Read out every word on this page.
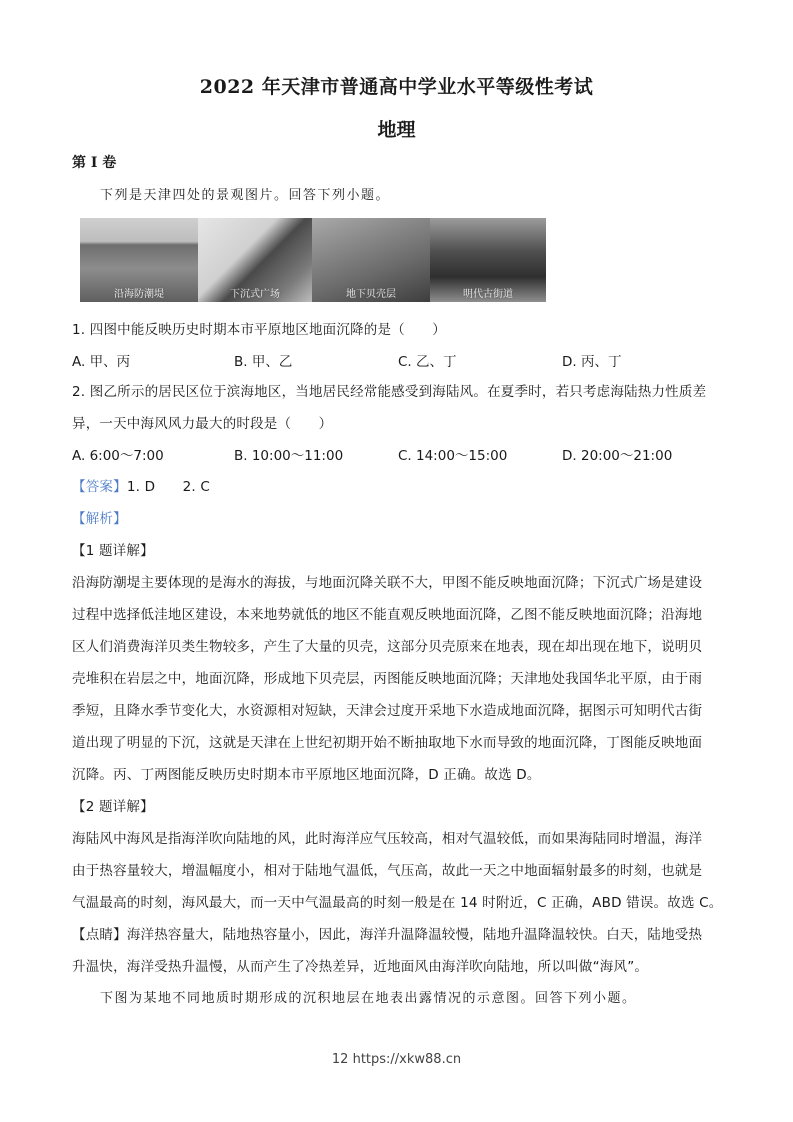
2022 年天津市普通高中学业水平等级性考试
地理
第 I 卷
下列是天津四处的景观图片。回答下列小题。
沿海防潮堤	下沉式广场	地下贝壳层	明代古街道
1. 四图中能反映历史时期本市平原地区地面沉降的是（　　）
A. 甲、丙	B. 甲、乙	C. 乙、丁	D. 丙、丁
2. 图乙所示的居民区位于滨海地区，当地居民经常能感受到海陆风。在夏季时，若只考虑海陆热力性质差
异，一天中海风风力最大的时段是（　　）
A. 6:00～7:00	B. 10:00～11:00	C. 14:00～15:00	D. 20:00～21:00
【答案】1. D　　2. C
【解析】
【1 题详解】
沿海防潮堤主要体现的是海水的海拔，与地面沉降关联不大，甲图不能反映地面沉降；下沉式广场是建设
过程中选择低洼地区建设，本来地势就低的地区不能直观反映地面沉降，乙图不能反映地面沉降；沿海地
区人们消费海洋贝类生物较多，产生了大量的贝壳，这部分贝壳原来在地表，现在却出现在地下，说明贝
壳堆积在岩层之中，地面沉降，形成地下贝壳层，丙图能反映地面沉降；天津地处我国华北平原，由于雨
季短，且降水季节变化大，水资源相对短缺，天津会过度开采地下水造成地面沉降，据图示可知明代古街
道出现了明显的下沉，这就是天津在上世纪初期开始不断抽取地下水而导致的地面沉降，丁图能反映地面
沉降。丙、丁两图能反映历史时期本市平原地区地面沉降，D 正确。故选 D。
【2 题详解】
海陆风中海风是指海洋吹向陆地的风，此时海洋应气压较高，相对气温较低，而如果海陆同时增温，海洋
由于热容量较大，增温幅度小，相对于陆地气温低，气压高，故此一天之中地面辐射最多的时刻，也就是
气温最高的时刻，海风最大，而一天中气温最高的时刻一般是在 14 时附近，C 正确，ABD 错误。故选 C。
【点睛】海洋热容量大，陆地热容量小，因此，海洋升温降温较慢，陆地升温降温较快。白天，陆地受热
升温快，海洋受热升温慢，从而产生了冷热差异，近地面风由海洋吹向陆地，所以叫做“海风”。
下图为某地不同地质时期形成的沉积地层在地表出露情况的示意图。回答下列小题。
12 https://xkw88.cn
